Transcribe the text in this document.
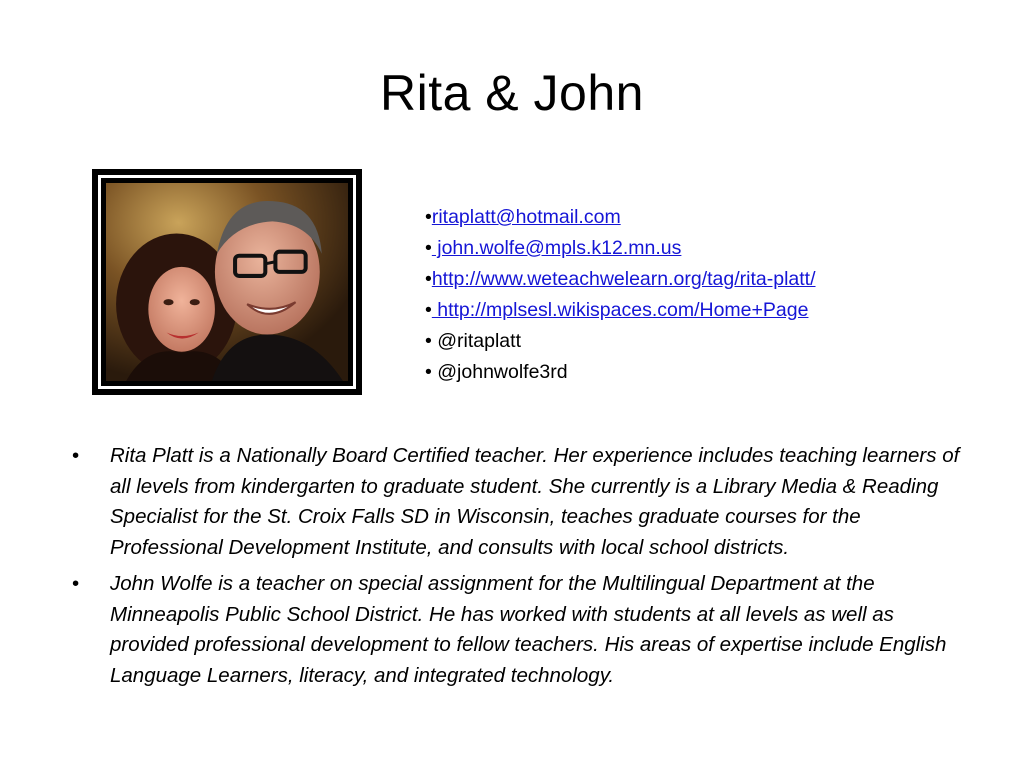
Rita & John
•ritaplatt@hotmail.com
• john.wolfe@mpls.k12.mn.us
•http://www.weteachwelearn.org/tag/rita-platt/
• http://mplsesl.wikispaces.com/Home+Page
• @ritaplatt
• @johnwolfe3rd
• Rita Platt is a Nationally Board Certified teacher. Her experience includes teaching learners of all levels from kindergarten to graduate student. She currently is a Library Media & Reading Specialist for the St. Croix Falls SD in Wisconsin, teaches graduate courses for the Professional Development Institute, and consults with local school districts.
• John Wolfe is a teacher on special assignment for the Multilingual Department at the Minneapolis Public School District. He has worked with students at all levels as well as provided professional development to fellow teachers. His areas of expertise include English Language Learners, literacy, and integrated technology.
